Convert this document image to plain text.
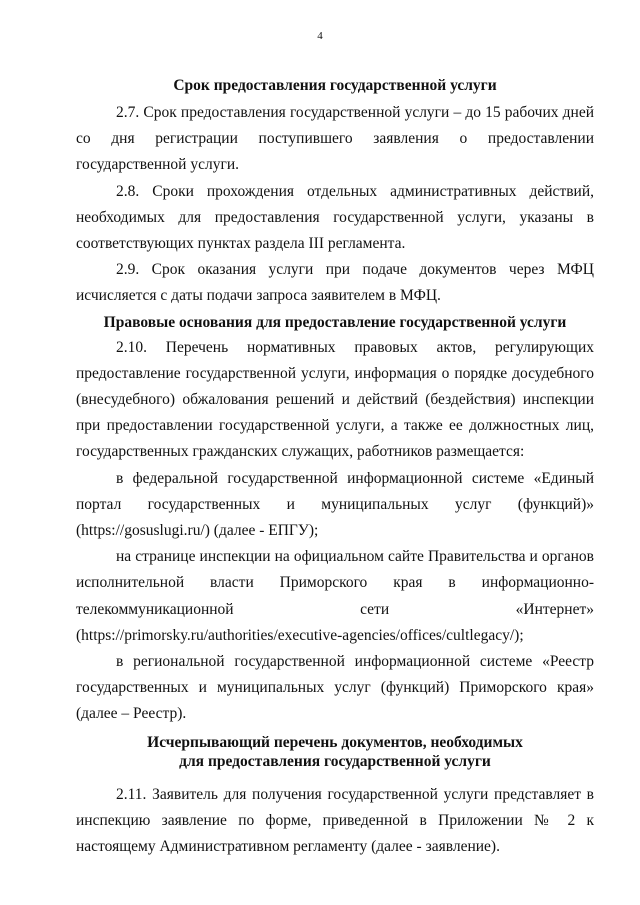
4

Срок предоставления государственной услуги

2.7. Срок предоставления государственной услуги – до 15 рабочих дней со дня регистрации поступившего заявления о предоставлении государственной услуги.

2.8. Сроки прохождения отдельных административных действий, необходимых для предоставления государственной услуги, указаны в соответствующих пунктах раздела III регламента.

2.9. Срок оказания услуги при подаче документов через МФЦ исчисляется с даты подачи запроса заявителем в МФЦ.

Правовые основания для предоставление государственной услуги

2.10. Перечень нормативных правовых актов, регулирующих предоставление государственной услуги, информация о порядке досудебного (внесудебного) обжалования решений и действий (бездействия) инспекции при предоставлении государственной услуги, а также ее должностных лиц, государственных гражданских служащих, работников размещается:

в федеральной государственной информационной системе «Единый портал государственных и муниципальных услуг (функций)» (https://gosuslugi.ru/) (далее - ЕПГУ);

на странице инспекции на официальном сайте Правительства и органов исполнительной власти Приморского края в информационно-телекоммуникационной сети «Интернет» (https://primorsky.ru/authorities/executive-agencies/offices/cultlegacy/);

в региональной государственной информационной системе «Реестр государственных и муниципальных услуг (функций) Приморского края» (далее – Реестр).

Исчерпывающий перечень документов, необходимых
для предоставления государственной услуги

2.11. Заявитель для получения государственной услуги представляет в инспекцию заявление по форме, приведенной в Приложении № 2 к настоящему Административном регламенту (далее - заявление).
